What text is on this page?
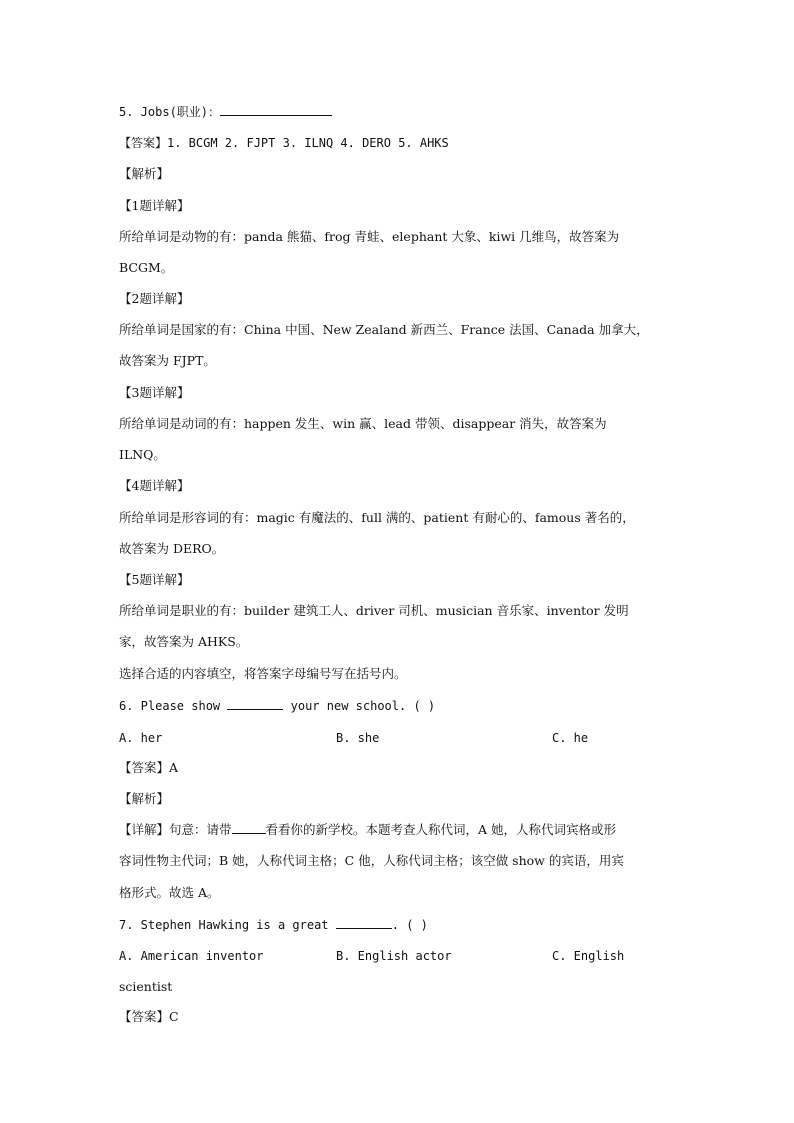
5. Jobs(职业)：
【答案】1. BCGM 2. FJPT 3. ILNQ 4. DERO 5. AHKS
【解析】
【1题详解】
所给单词是动物的有：panda 熊猫、frog 青蛙、elephant 大象、kiwi 几维鸟，故答案为
BCGM。
【2题详解】
所给单词是国家的有：China 中国、New Zealand 新西兰、France 法国、Canada 加拿大，
故答案为 FJPT。
【3题详解】
所给单词是动词的有：happen 发生、win 赢、lead 带领、disappear 消失，故答案为
ILNQ。
【4题详解】
所给单词是形容词的有：magic 有魔法的、full 满的、patient 有耐心的、famous 著名的，
故答案为 DERO。
【5题详解】
所给单词是职业的有：builder 建筑工人、driver 司机、musician 音乐家、inventor 发明
家，故答案为 AHKS。
选择合适的内容填空，将答案字母编号写在括号内。
6. Please show	your new school. ( )
A. her	B. she	C. he
【答案】A
【解析】
【详解】句意：请带	看看你的新学校。本题考查人称代词，A 她，人称代词宾格或形
容词性物主代词；B 她，人称代词主格；C 他，人称代词主格；该空做 show 的宾语，用宾
格形式。故选 A。
7. Stephen Hawking is a great	. ( )
A. American inventor	B. English actor	C. English
scientist
【答案】C
